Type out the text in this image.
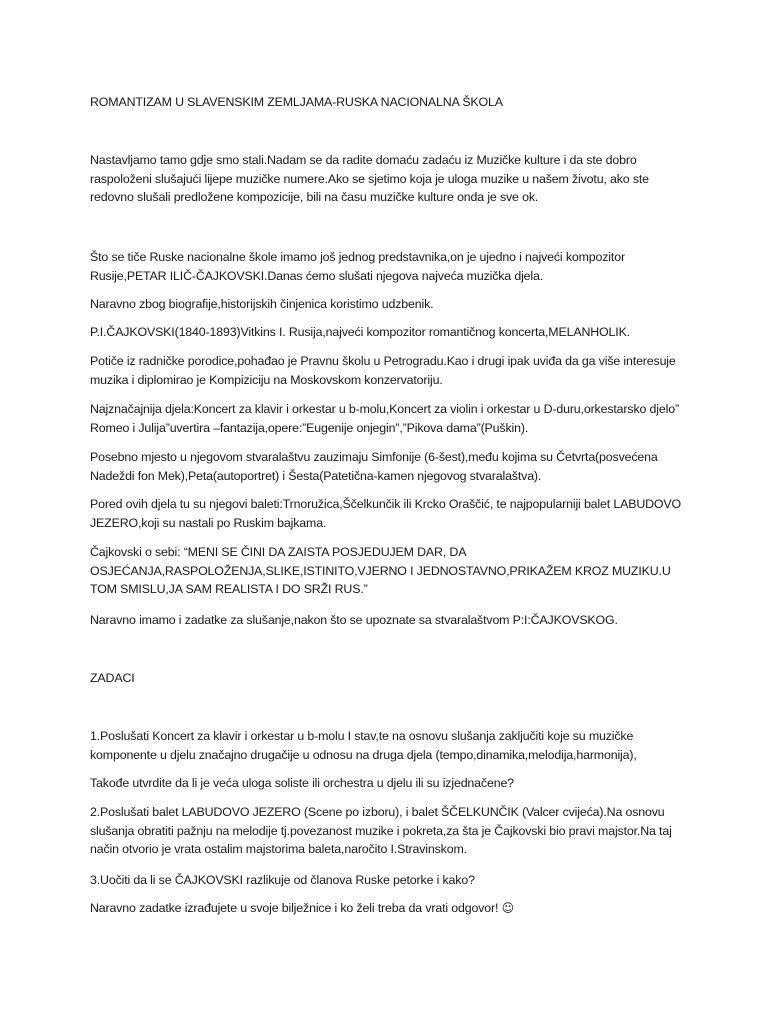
ROMANTIZAM U SLAVENSKIM ZEMLJAMA-RUSKA NACIONALNA ŠKOLA

Nastavljamo tamo gdje smo stali.Nadam se da radite domaću zadaću iz Muzičke kulture i da ste dobro raspoloženi slušajući lijepe muzičke numere.Ako se sjetimo koja je uloga muzike u našem životu, ako ste redovno slušali predložene kompozicije, bili na času muzičke kulture onda je sve ok.

Što se tiče Ruske nacionalne škole imamo još jednog predstavnika,on je ujedno i najveći kompozitor Rusije,PETAR ILIČ-ČAJKOVSKI.Danas ćemo slušati njegova najveća muzička djela.

Naravno zbog biografije,historijskih činjenica koristimo udzbenik.

P.I.ČAJKOVSKI(1840-1893)Vitkins I. Rusija,najveći kompozitor romantičnog koncerta,MELANHOLIK.

Potiče iz radničke porodice,pohađao je Pravnu školu u Petrogradu.Kao i drugi ipak uviđa da ga više interesuje muzika i diplomirao je Kompiziciju na Moskovskom konzervatoriju.

Najznačajnija djela:Koncert za klavir i orkestar u b-molu,Koncert za violin i orkestar u D-duru,orkestarsko djelo” Romeo i Julija”uvertira –fantazija,opere:”Eugenije onjegin”,”Pikova dama”(Puškin).

Posebno mjesto u njegovom stvaralaštvu zauzimaju Simfonije (6-šest),među kojima su Četvrta(posvećena Nadeždi fon Mek),Peta(autoportret) i Šesta(Patetična-kamen njegovog stvaralaštva).

Pored ovih djela tu su njegovi baleti:Trnoružica,Ščelkunčik ili Krcko Oraščić, te najpopularniji balet LABUDOVO JEZERO,koji su nastali po Ruskim bajkama.

Čajkovski o sebi: “MENI SE ČINI DA ZAISTA POSJEDUJEM DAR, DA OSJEĆANJA,RASPOLOŽENJA,SLIKE,ISTINITO,VJERNO I JEDNOSTAVNO,PRIKAŽEM KROZ MUZIKU.U TOM SMISLU,JA SAM REALISTA I DO SRŽI RUS.”

Naravno imamo i zadatke za slušanje,nakon što se upoznate sa stvaralaštvom P:I:ČAJKOVSKOG.

ZADACI

1.Poslušati Koncert za klavir i orkestar u b-molu I stav,te na osnovu slušanja zaključiti koje su muzičke komponente u djelu značajno drugačije u odnosu na druga djela (tempo,dinamika,melodija,harmonija),

Takođe utvrdite da li je veća uloga soliste ili orchestra u djelu ili su izjednačene?

2.Poslušati balet LABUDOVO JEZERO (Scene po izboru), i balet ŠČELKUNČIK (Valcer cvijeća).Na osnovu slušanja obratiti pažnju na melodije tj.povezanost muzike i pokreta,za šta je Čajkovski bio pravi majstor.Na taj način otvorio je vrata ostalim majstorima baleta,naročito I.Stravinskom.

3.Uočiti da li se ČAJKOVSKI razlikuje od članova Ruske petorke i kako?

Naravno zadatke izrađujete u svoje bilježnice i ko želi treba da vrati odgovor! ☺
